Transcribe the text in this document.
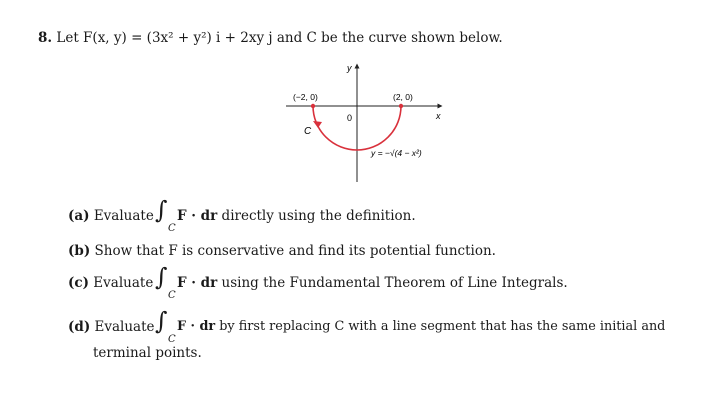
8. Let F(x, y) = (3x² + y²) i + 2xy j and C be the curve shown below.
y
x
0
(−2, 0)	(2, 0)
C
y = −√(4 − x²)
(a) Evaluate ∫
C
F · dr directly using the definition.
(b) Show that F is conservative and find its potential function.
(c) Evaluate ∫
C
F · dr using the Fundamental Theorem of Line Integrals.
(d) Evaluate ∫
C
F · dr by first replacing C with a line segment that has the same initial and
terminal points.
